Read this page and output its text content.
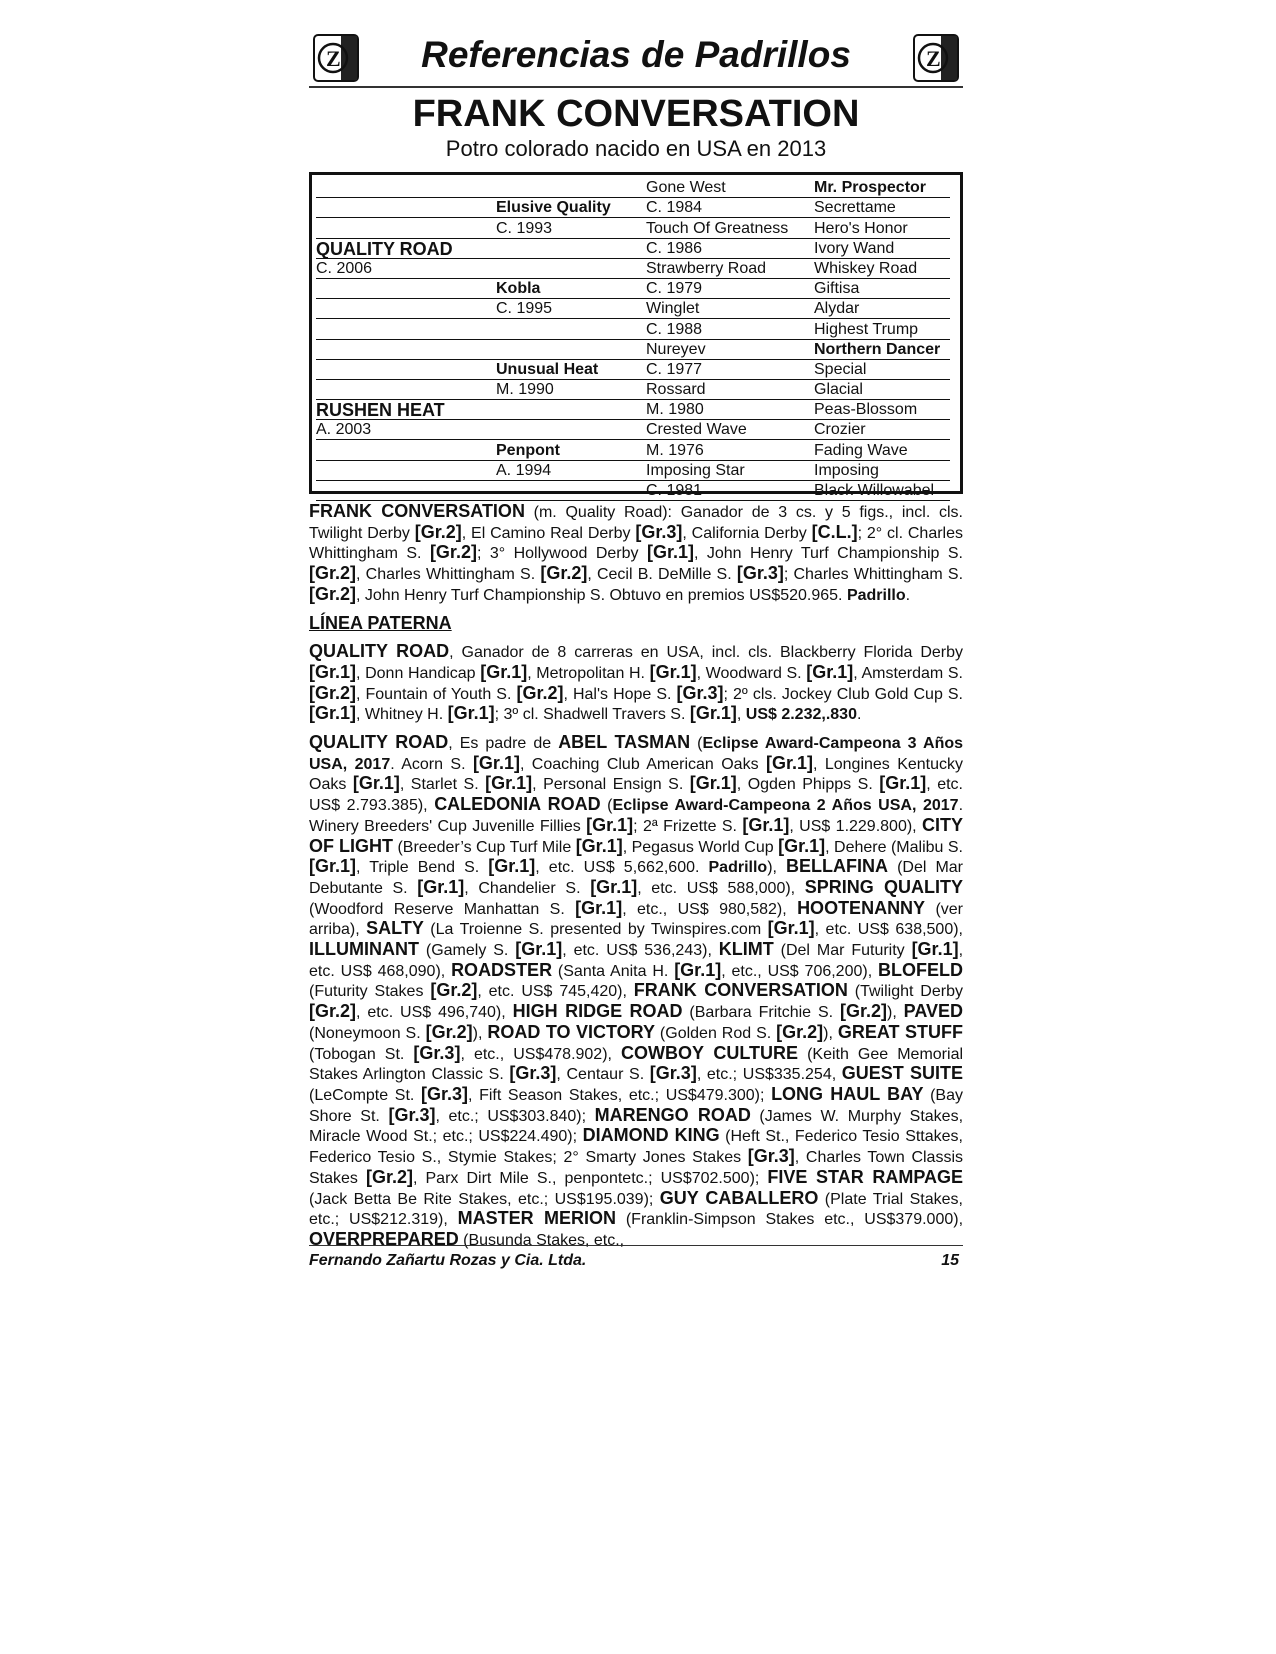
Z	Referencias de Padrillos	Z
FRANK CONVERSATION
Potro colorado nacido en USA en 2013
		Gone West	Mr. Prospector
	Elusive Quality	C. 1984	Secrettame
	C. 1993	Touch Of Greatness	Hero's Honor
QUALITY ROAD		C. 1986	Ivory Wand
C. 2006		Strawberry Road	Whiskey Road
	Kobla	C. 1979	Giftisa
	C. 1995	Winglet	Alydar
		C. 1988	Highest Trump
		Nureyev	Northern Dancer
	Unusual Heat	C. 1977	Special
	M. 1990	Rossard	Glacial
RUSHEN HEAT		M. 1980	Peas-Blossom
A. 2003		Crested Wave	Crozier
	Penpont	M. 1976	Fading Wave
	A. 1994	Imposing Star	Imposing
		C. 1981	Black Willowabel

FRANK CONVERSATION (m. Quality Road): Ganador de 3 cs. y 5 figs., incl. cls. Twilight Derby [Gr.2], El Camino Real Derby [Gr.3], California Derby [C.L.]; 2° cl. Charles Whittingham S. [Gr.2]; 3° Hollywood Derby [Gr.1], John Henry Turf Championship S. [Gr.2], Charles Whittingham S. [Gr.2], Cecil B. DeMille S. [Gr.3]; Charles Whittingham S. [Gr.2], John Henry Turf Championship S. Obtuvo en premios US$520.965. Padrillo.

LÍNEA PATERNA

QUALITY ROAD, Ganador de 8 carreras en USA, incl. cls. Blackberry Florida Derby [Gr.1], Donn Handicap [Gr.1], Metropolitan H. [Gr.1], Woodward S. [Gr.1], Amsterdam S. [Gr.2], Fountain of Youth S. [Gr.2], Hal's Hope S. [Gr.3]; 2º cls. Jockey Club Gold Cup S. [Gr.1], Whitney H. [Gr.1]; 3º cl. Shadwell Travers S. [Gr.1], US$ 2.232,.830.

QUALITY ROAD, Es padre de ABEL TASMAN (Eclipse Award-Campeona 3 Años USA, 2017. Acorn S. [Gr.1], Coaching Club American Oaks [Gr.1], Longines Kentucky Oaks [Gr.1], Starlet S. [Gr.1], Personal Ensign S. [Gr.1], Ogden Phipps S. [Gr.1], etc. US$ 2.793.385), CALEDONIA ROAD (Eclipse Award-Campeona 2 Años USA, 2017. Winery Breeders' Cup Juvenille Fillies [Gr.1]; 2ª Frizette S. [Gr.1], US$ 1.229.800), CITY OF LIGHT (Breeder’s Cup Turf Mile [Gr.1], Pegasus World Cup [Gr.1], Dehere (Malibu S. [Gr.1], Triple Bend S. [Gr.1], etc. US$ 5,662,600. Padrillo), BELLAFINA (Del Mar Debutante S. [Gr.1], Chandelier S. [Gr.1], etc. US$ 588,000), SPRING QUALITY (Woodford Reserve Manhattan S. [Gr.1], etc., US$ 980,582), HOOTENANNY (ver arriba), SALTY (La Troienne S. presented by Twinspires.com [Gr.1], etc. US$ 638,500), ILLUMINANT (Gamely S. [Gr.1], etc. US$ 536,243), KLIMT (Del Mar Futurity [Gr.1], etc. US$ 468,090), ROADSTER (Santa Anita H. [Gr.1], etc., US$ 706,200), BLOFELD (Futurity Stakes [Gr.2], etc. US$ 745,420), FRANK CONVERSATION (Twilight Derby [Gr.2], etc. US$ 496,740), HIGH RIDGE ROAD (Barbara Fritchie S. [Gr.2]), PAVED (Noneymoon S. [Gr.2]), ROAD TO VICTORY (Golden Rod S. [Gr.2]), GREAT STUFF (Tobogan St. [Gr.3], etc., US$478.902), COWBOY CULTURE (Keith Gee Memorial Stakes Arlington Classic S. [Gr.3], Centaur S. [Gr.3], etc.; US$335.254, GUEST SUITE (LeCompte St. [Gr.3], Fift Season Stakes, etc.; US$479.300); LONG HAUL BAY (Bay Shore St. [Gr.3], etc.; US$303.840); MARENGO ROAD (James W. Murphy Stakes, Miracle Wood St.; etc.; US$224.490); DIAMOND KING (Heft St., Federico Tesio Sttakes, Federico Tesio S., Stymie Stakes; 2° Smarty Jones Stakes [Gr.3], Charles Town Classis Stakes [Gr.2], Parx Dirt Mile S., penpontetc.; US$702.500); FIVE STAR RAMPAGE (Jack Betta Be Rite Stakes, etc.; US$195.039); GUY CABALLERO (Plate Trial Stakes, etc.; US$212.319), MASTER MERION (Franklin-Simpson Stakes etc., US$379.000), OVERPREPARED (Busunda Stakes, etc.,

Fernando Zañartu Rozas y Cia. Ltda.	15
